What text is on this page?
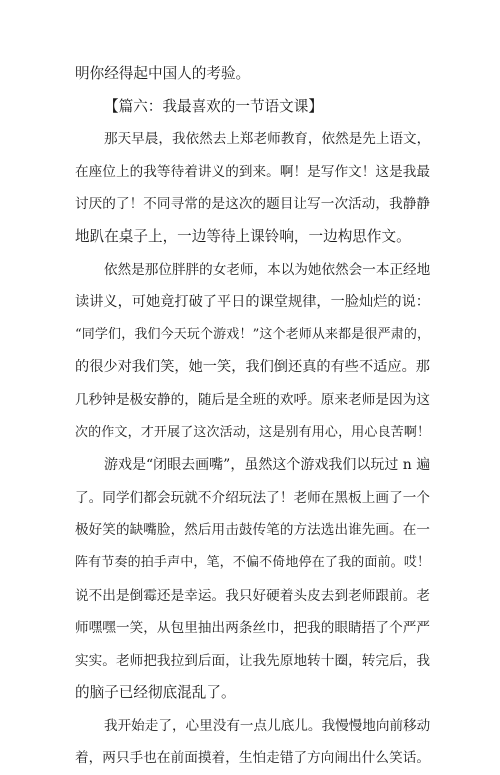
明你经得起中国人的考验。
【篇六：我最喜欢的一节语文课】
那天早晨，我依然去上郑老师教育，依然是先上语文，
在座位上的我等待着讲义的到来。啊！是写作文！这是我最
讨厌的了！不同寻常的是这次的题目让写一次活动，我静静
地趴在桌子上，一边等待上课铃响，一边构思作文。
依然是那位胖胖的女老师，本以为她依然会一本正经地
读讲义，可她竟打破了平日的课堂规律，一脸灿烂的说：
“同学们，我们今天玩个游戏！”这个老师从来都是很严肃的，
的很少对我们笑，她一笑，我们倒还真的有些不适应。那
几秒钟是极安静的，随后是全班的欢呼。原来老师是因为这
次的作文，才开展了这次活动，这是别有用心，用心良苦啊！
游戏是“闭眼去画嘴”，虽然这个游戏我们以玩过 n 遍
了。同学们都会玩就不介绍玩法了！老师在黑板上画了一个
极好笑的缺嘴脸，然后用击鼓传笔的方法选出谁先画。在一
阵有节奏的拍手声中，笔，不偏不倚地停在了我的面前。哎！
说不出是倒霉还是幸运。我只好硬着头皮去到老师跟前。老
师嘿嘿一笑，从包里抽出两条丝巾，把我的眼睛捂了个严严
实实。老师把我拉到后面，让我先原地转十圈，转完后，我
的脑子已经彻底混乱了。
我开始走了，心里没有一点儿底儿。我慢慢地向前移动
着，两只手也在前面摸着，生怕走错了方向闹出什么笑话。
